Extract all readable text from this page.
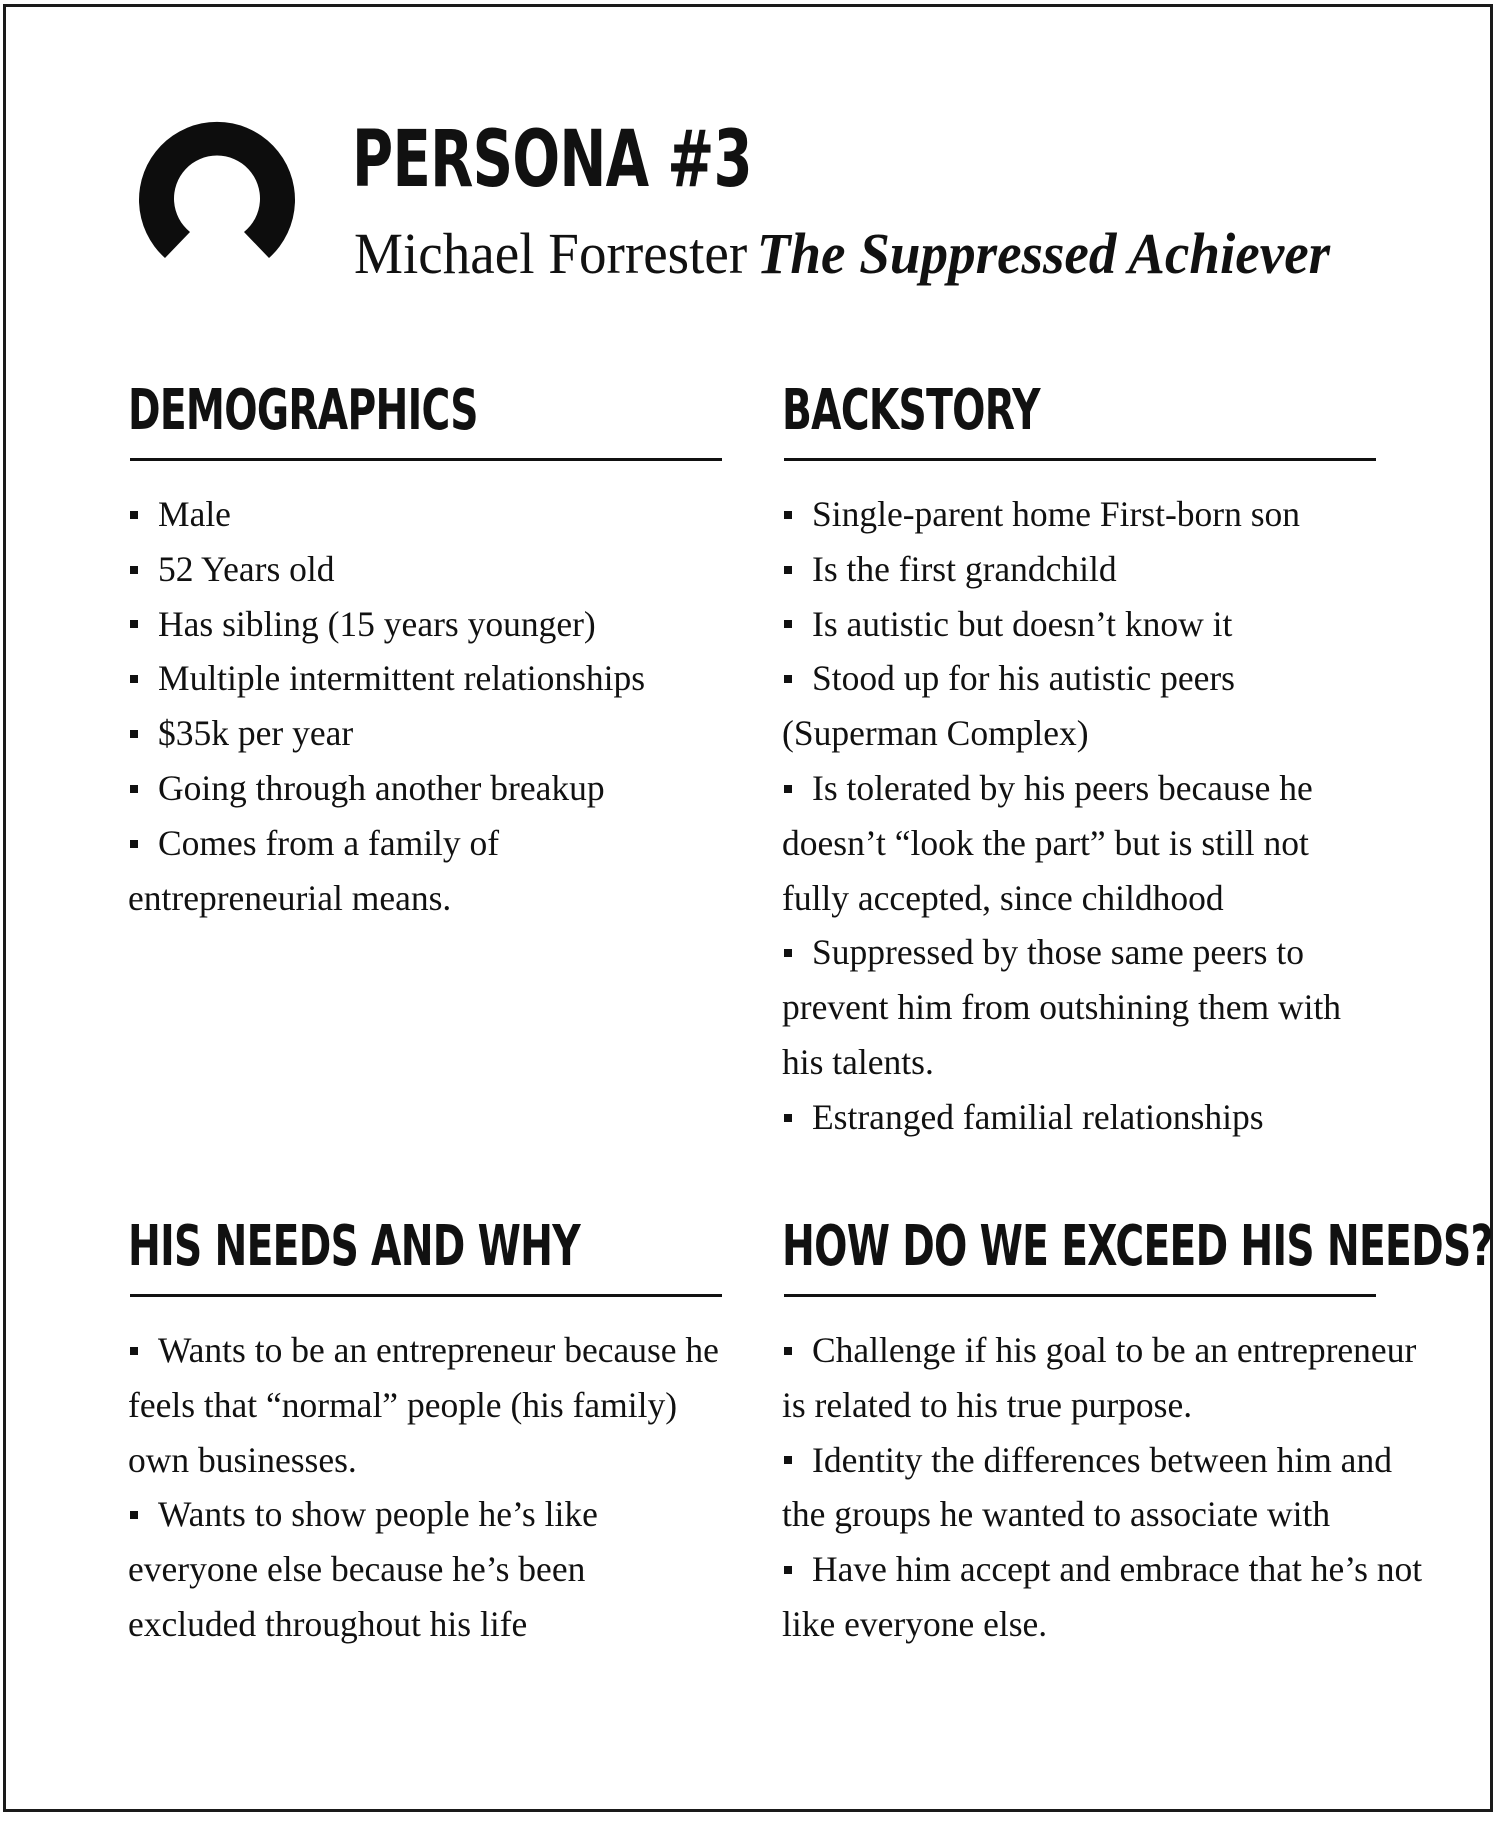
PERSONA #3
Michael Forrester The Suppressed Achiever
DEMOGRAPHICS
Male
52 Years old
Has sibling (15 years younger)
Multiple intermittent relationships
$35k per year
Going through another breakup
Comes from a family of entrepreneurial means.
BACKSTORY
Single-parent home First-born son
Is the first grandchild
Is autistic but doesn’t know it
Stood up for his autistic peers (Superman Complex)
Is tolerated by his peers because he doesn’t “look the part” but is still not fully accepted, since childhood
Suppressed by those same peers to prevent him from outshining them with his talents.
Estranged familial relationships
HIS NEEDS AND WHY
Wants to be an entrepreneur because he feels that “normal” people (his family) own businesses.
Wants to show people he’s like everyone else because he’s been excluded throughout his life
HOW DO WE EXCEED HIS NEEDS?
Challenge if his goal to be an entrepreneur is related to his true purpose.
Identity the differences between him and the groups he wanted to associate with
Have him accept and embrace that he’s not like everyone else.
